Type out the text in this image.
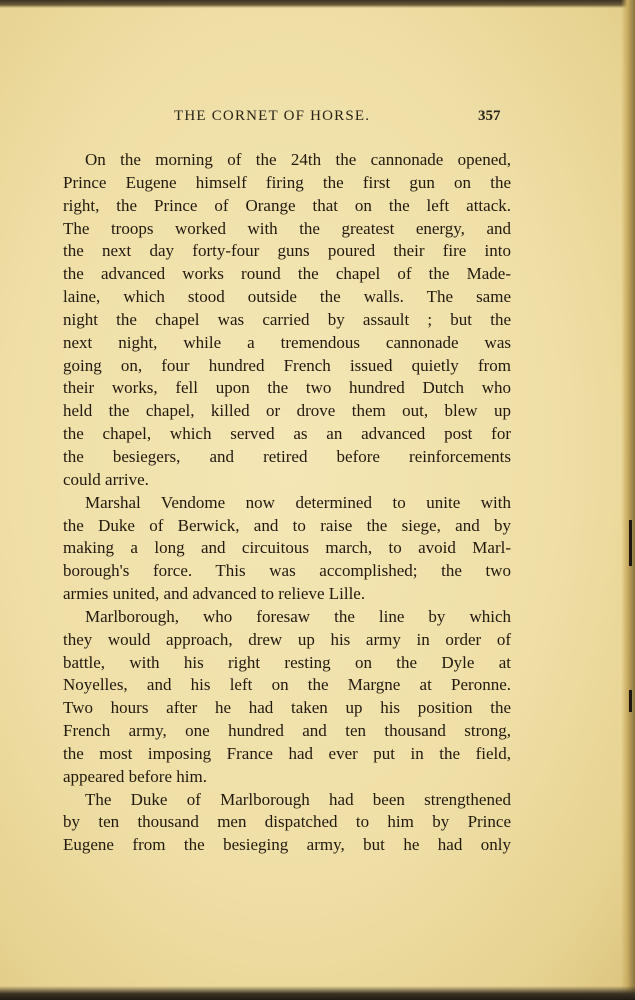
THE CORNET OF HORSE.	357
On the morning of the 24th the cannonade opened,
Prince Eugene himself firing the first gun on the
right, the Prince of Orange that on the left attack.
The troops worked with the greatest energy, and
the next day forty-four guns poured their fire into
the advanced works round the chapel of the Made-
laine, which stood outside the walls. The same
night the chapel was carried by assault ; but the
next night, while a tremendous cannonade was
going on, four hundred French issued quietly from
their works, fell upon the two hundred Dutch who
held the chapel, killed or drove them out, blew up
the chapel, which served as an advanced post for
the besiegers, and retired before reinforcements
could arrive.
Marshal Vendome now determined to unite with
the Duke of Berwick, and to raise the siege, and by
making a long and circuitous march, to avoid Marl-
borough's force. This was accomplished; the two
armies united, and advanced to relieve Lille.
Marlborough, who foresaw the line by which
they would approach, drew up his army in order of
battle, with his right resting on the Dyle at
Noyelles, and his left on the Margne at Peronne.
Two hours after he had taken up his position the
French army, one hundred and ten thousand strong,
the most imposing France had ever put in the field,
appeared before him.
The Duke of Marlborough had been strengthened
by ten thousand men dispatched to him by Prince
Eugene from the besieging army, but he had only
